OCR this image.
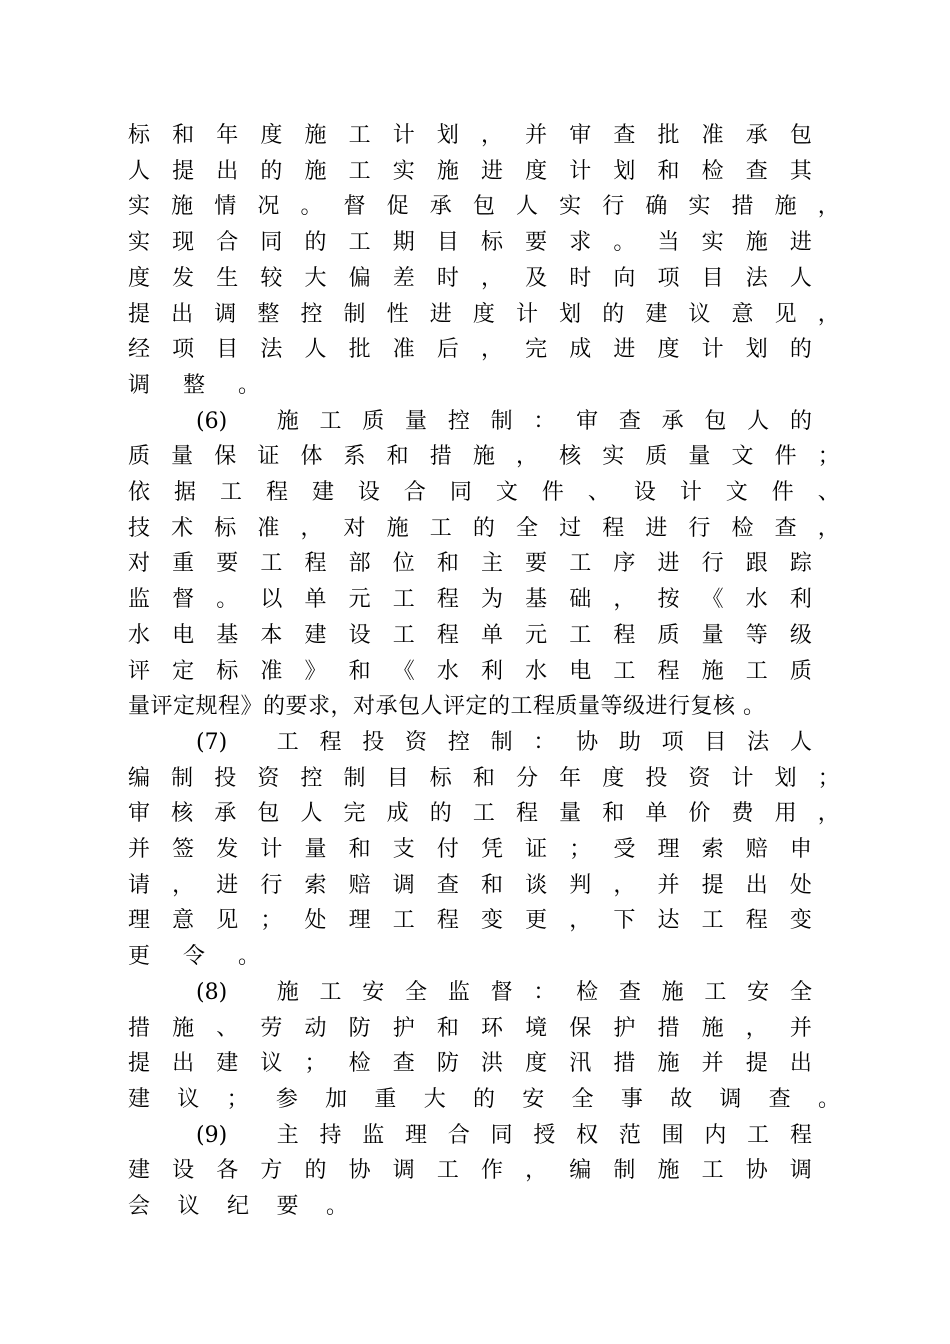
标 和 年 度 施 工 计 划 ， 并 审 查 批 准 承 包
人 提 出 的 施 工 实 施 进 度 计 划 和 检 查 其
实 施 情 况 。 督 促 承 包 人 实 行 确 实 措 施 ，
实 现 合 同 的 工 期 目 标 要 求 。 当 实 施 进
度 发 生 较 大 偏 差 时 ， 及 时 向 项 目 法 人
提 出 调 整 控 制 性 进 度 计 划 的 建 议 意 见 ，
经 项 目 法 人 批 准 后 ， 完 成 进 度 计 划 的
调 整 。
(6)	施 工 质 量 控 制 ： 审 查 承 包 人 的
质 量 保 证 体 系 和 措 施 ， 核 实 质 量 文 件 ；
依 据 工 程 建 设 合 同 文 件 、 设 计 文 件 、
技 术 标 准 ， 对 施 工 的 全 过 程 进 行 检 查 ，
对 重 要 工 程 部 位 和 主 要 工 序 进 行 跟 踪
监 督 。 以 单 元 工 程 为 基 础 ， 按 《 水 利
水 电 基 本 建 设 工 程 单 元 工 程 质 量 等 级
评 定 标 准 》 和 《 水 利 水 电 工 程 施 工 质
量评定规程》的要求，对承包人评定的工程质量等级进行复核 。
(7)	工 程 投 资 控 制 ： 协 助 项 目 法 人
编 制 投 资 控 制 目 标 和 分 年 度 投 资 计 划 ；
审 核 承 包 人 完 成 的 工 程 量 和 单 价 费 用 ，
并 签 发 计 量 和 支 付 凭 证 ； 受 理 索 赔 申
请 ， 进 行 索 赔 调 查 和 谈 判 ， 并 提 出 处
理 意 见 ； 处 理 工 程 变 更 ， 下 达 工 程 变
更 令 。
(8)	施 工 安 全 监 督 ： 检 查 施 工 安 全
措 施 、 劳 动 防 护 和 环 境 保 护 措 施 ， 并
提 出 建 议 ； 检 查 防 洪 度 汛 措 施 并 提 出
建 议 ； 参 加 重 大 的 安 全 事 故 调 查 。
(9)	主 持 监 理 合 同 授 权 范 围 内 工 程
建 设 各 方 的 协 调 工 作 ， 编 制 施 工 协 调
会 议 纪 要 。
